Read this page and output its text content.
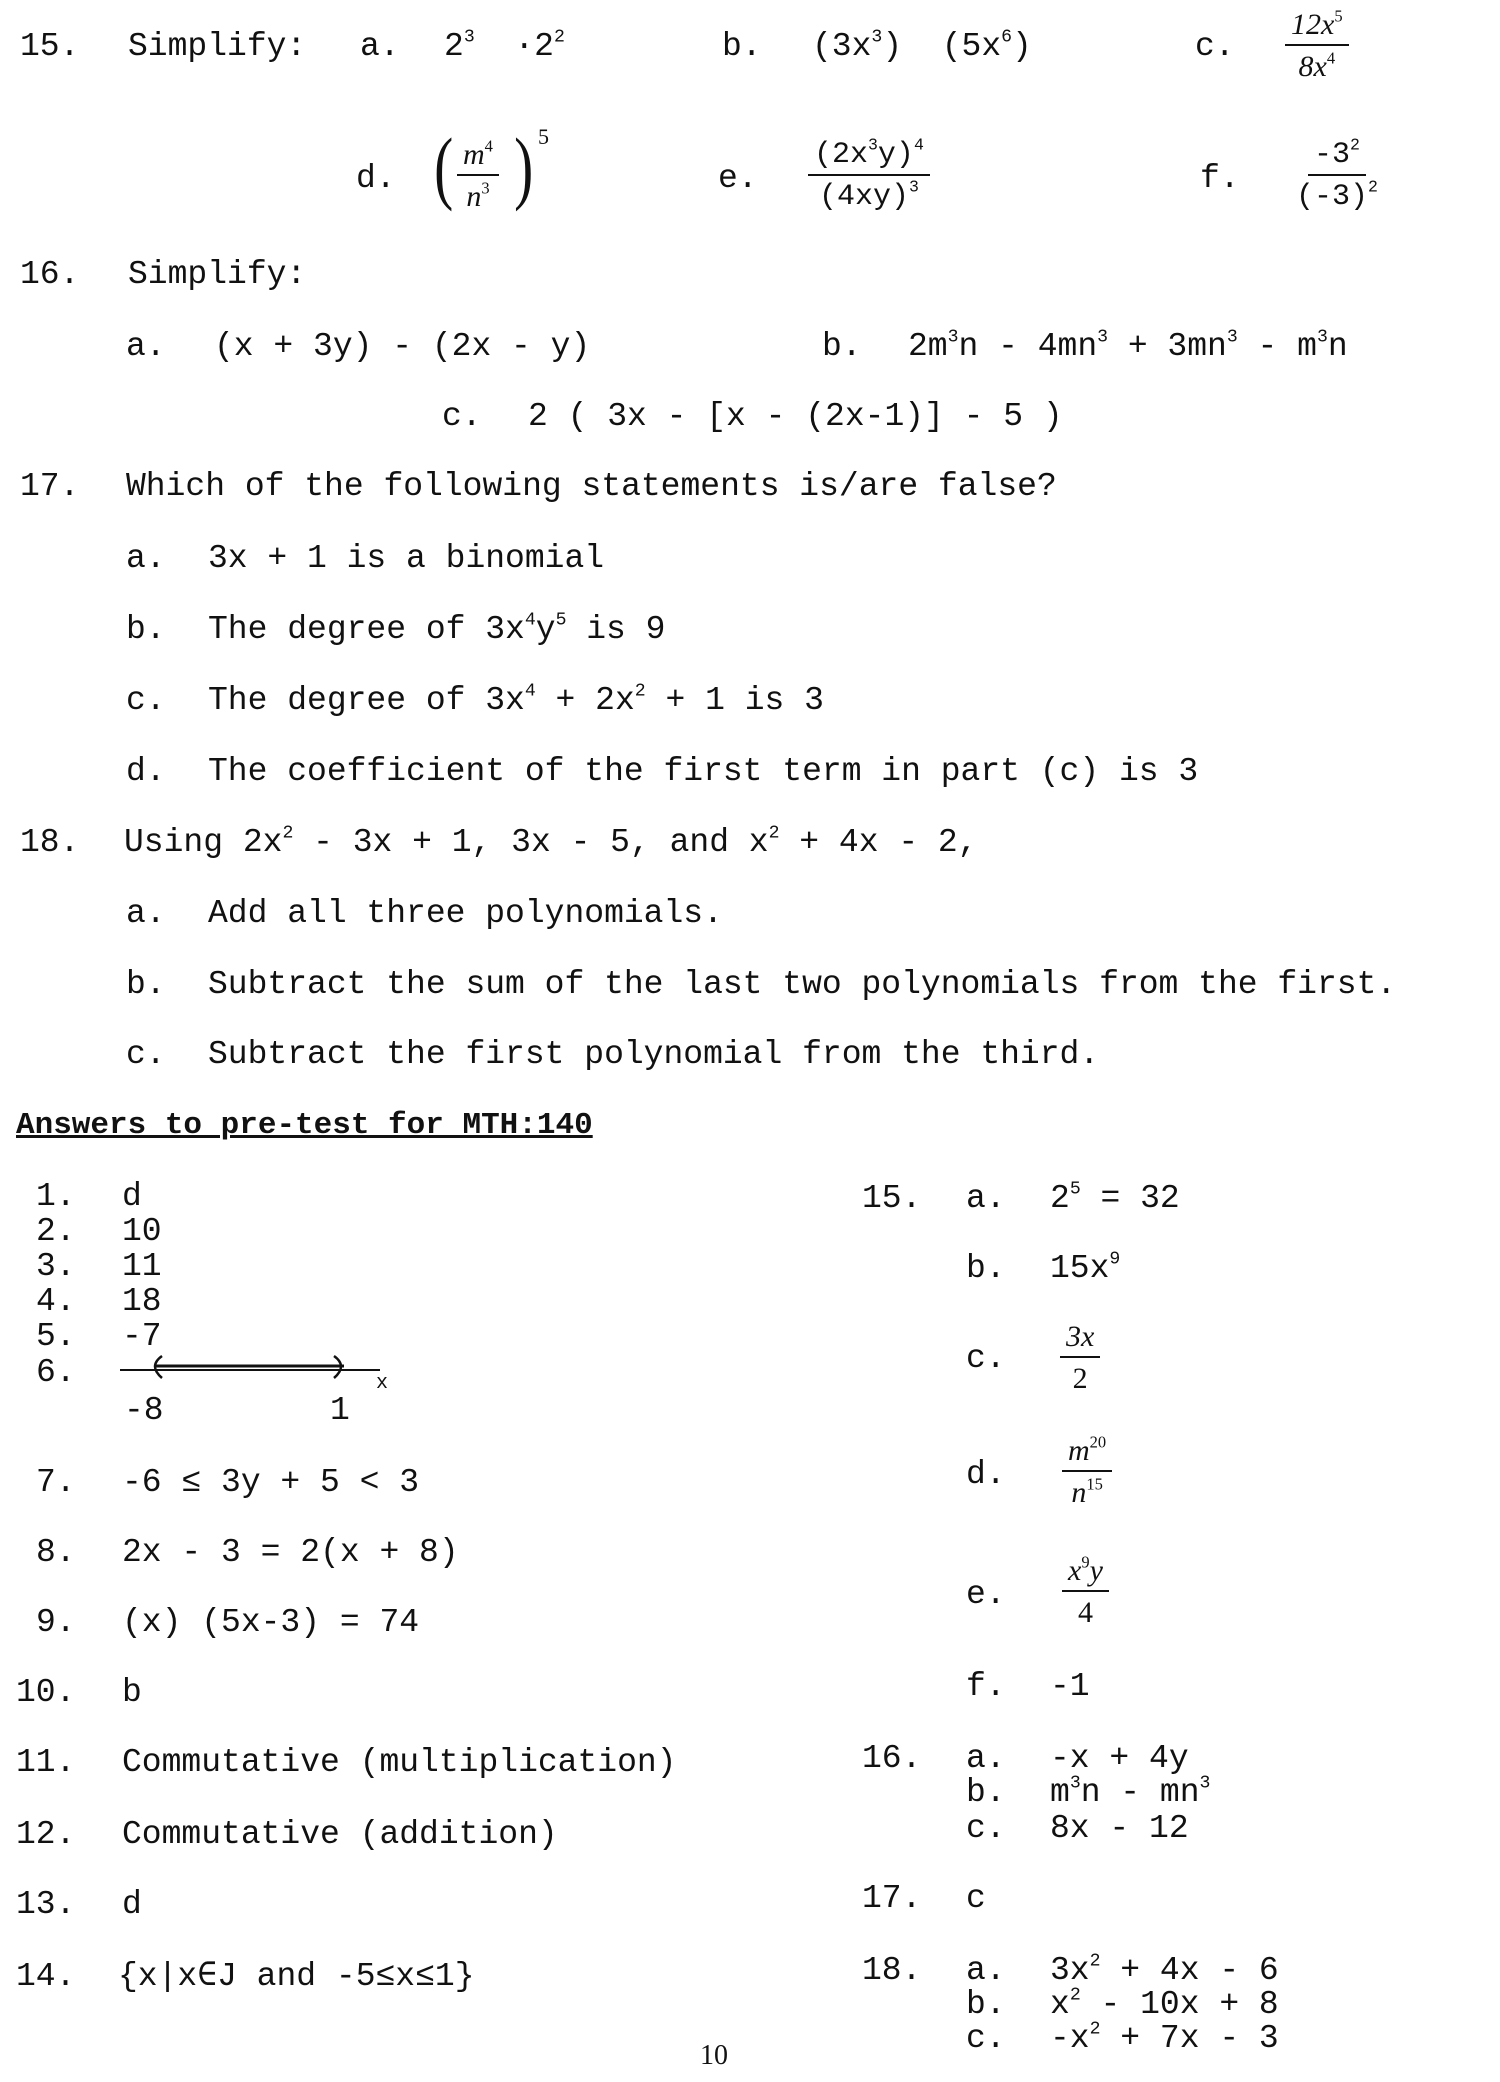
15. Simplify: a. $2^3 \cdot 2^2$	b. $(3x^3)$  $(5x^6)$	c. $\frac{12x^5}{8x^4}$
d. ( $\frac{m^4}{n^3}$ ) 5
e. $\frac{(2x^3y)^4}{(4xy)^3}$	f. $\frac{-3^2}{(-3)^2}$
16. Simplify:
a. (x + 3y) - (2x - y)	b. $2m^3n - 4mn^3 + 3mn^3 - m^3n$
c. 2 ( 3x - [x - (2x-1)] - 5 )
17. Which of the following statements is/are false?
a. 3x + 1 is a binomial
b. The degree of $3x^4y^5$ is 9
c. The degree of $3x^4 + 2x^2 + 1$ is 3
d. The coefficient of the first term in part (c) is 3
18. Using $2x^2 - 3x + 1$, 3x - 5, and $x^2 + 4x - 2$,
a. Add all three polynomials.
b. Subtract the sum of the last two polynomials from the first.
c. Subtract the first polynomial from the third.
Answers to pre-test for MTH:140
1. d
2. 10
3. 11
4. 18
5. -7
6.	x
-8	1
7. -6 ≤ 3y + 5 < 3
8. 2x - 3 = 2(x + 8)
9. (x) (5x-3) = 74
10. b
11. Commutative (multiplication)
12. Commutative (addition)
13. d
14. {x|x∈J and -5≤x≤1}
15. a. $2^5 = 32$
b. $15x^9$
c. $\frac{3x}{2}$
d. $\frac{m^{20}}{n^{15}}$
e. $\frac{x^9y}{4}$
f. -1
16. a. -x + 4y
b. $m^3n - mn^3$
c. 8x - 12
17. c
18. a. $3x^2 + 4x - 6$
b. $x^2 - 10x + 8$
c. $-x^2 + 7x - 3$
10
